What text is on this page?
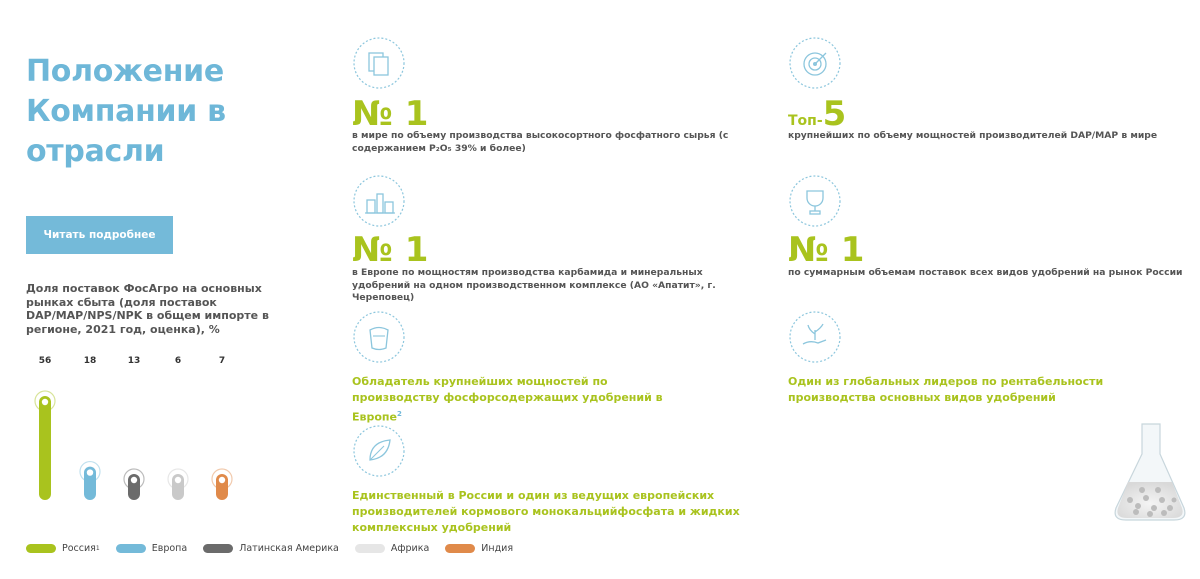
Положение Компании в отрасли
Читать подробнее
Доля поставок ФосАгро на основных рынках сбыта (доля поставок DAP/MAP/NPS/NPK в общем импорте в регионе, 2021 год, оценка), %
56	18	13	6	7
Россия 1	Европа	Латинская Америка	Африка	Индия
№ 1
в мире по объему производства высокосортного фосфатного сырья (с содержанием P₂O₅ 39% и более)
Топ-5
крупнейших по объему мощностей производителей DAP/MAP в мире
№ 1
в Европе по мощностям производства карбамида и минеральных удобрений на одном производственном комплексе (АО «Апатит», г. Череповец)
№ 1
по суммарным объемам поставок всех видов удобрений на рынок России
Обладатель крупнейших мощностей по производству фосфорсодержащих удобрений в Европе$^2$
Один из глобальных лидеров по рентабельности производства основных видов удобрений
Единственный в России и один из ведущих европейских производителей кормового монокальцийфосфата и жидких комплексных удобрений
